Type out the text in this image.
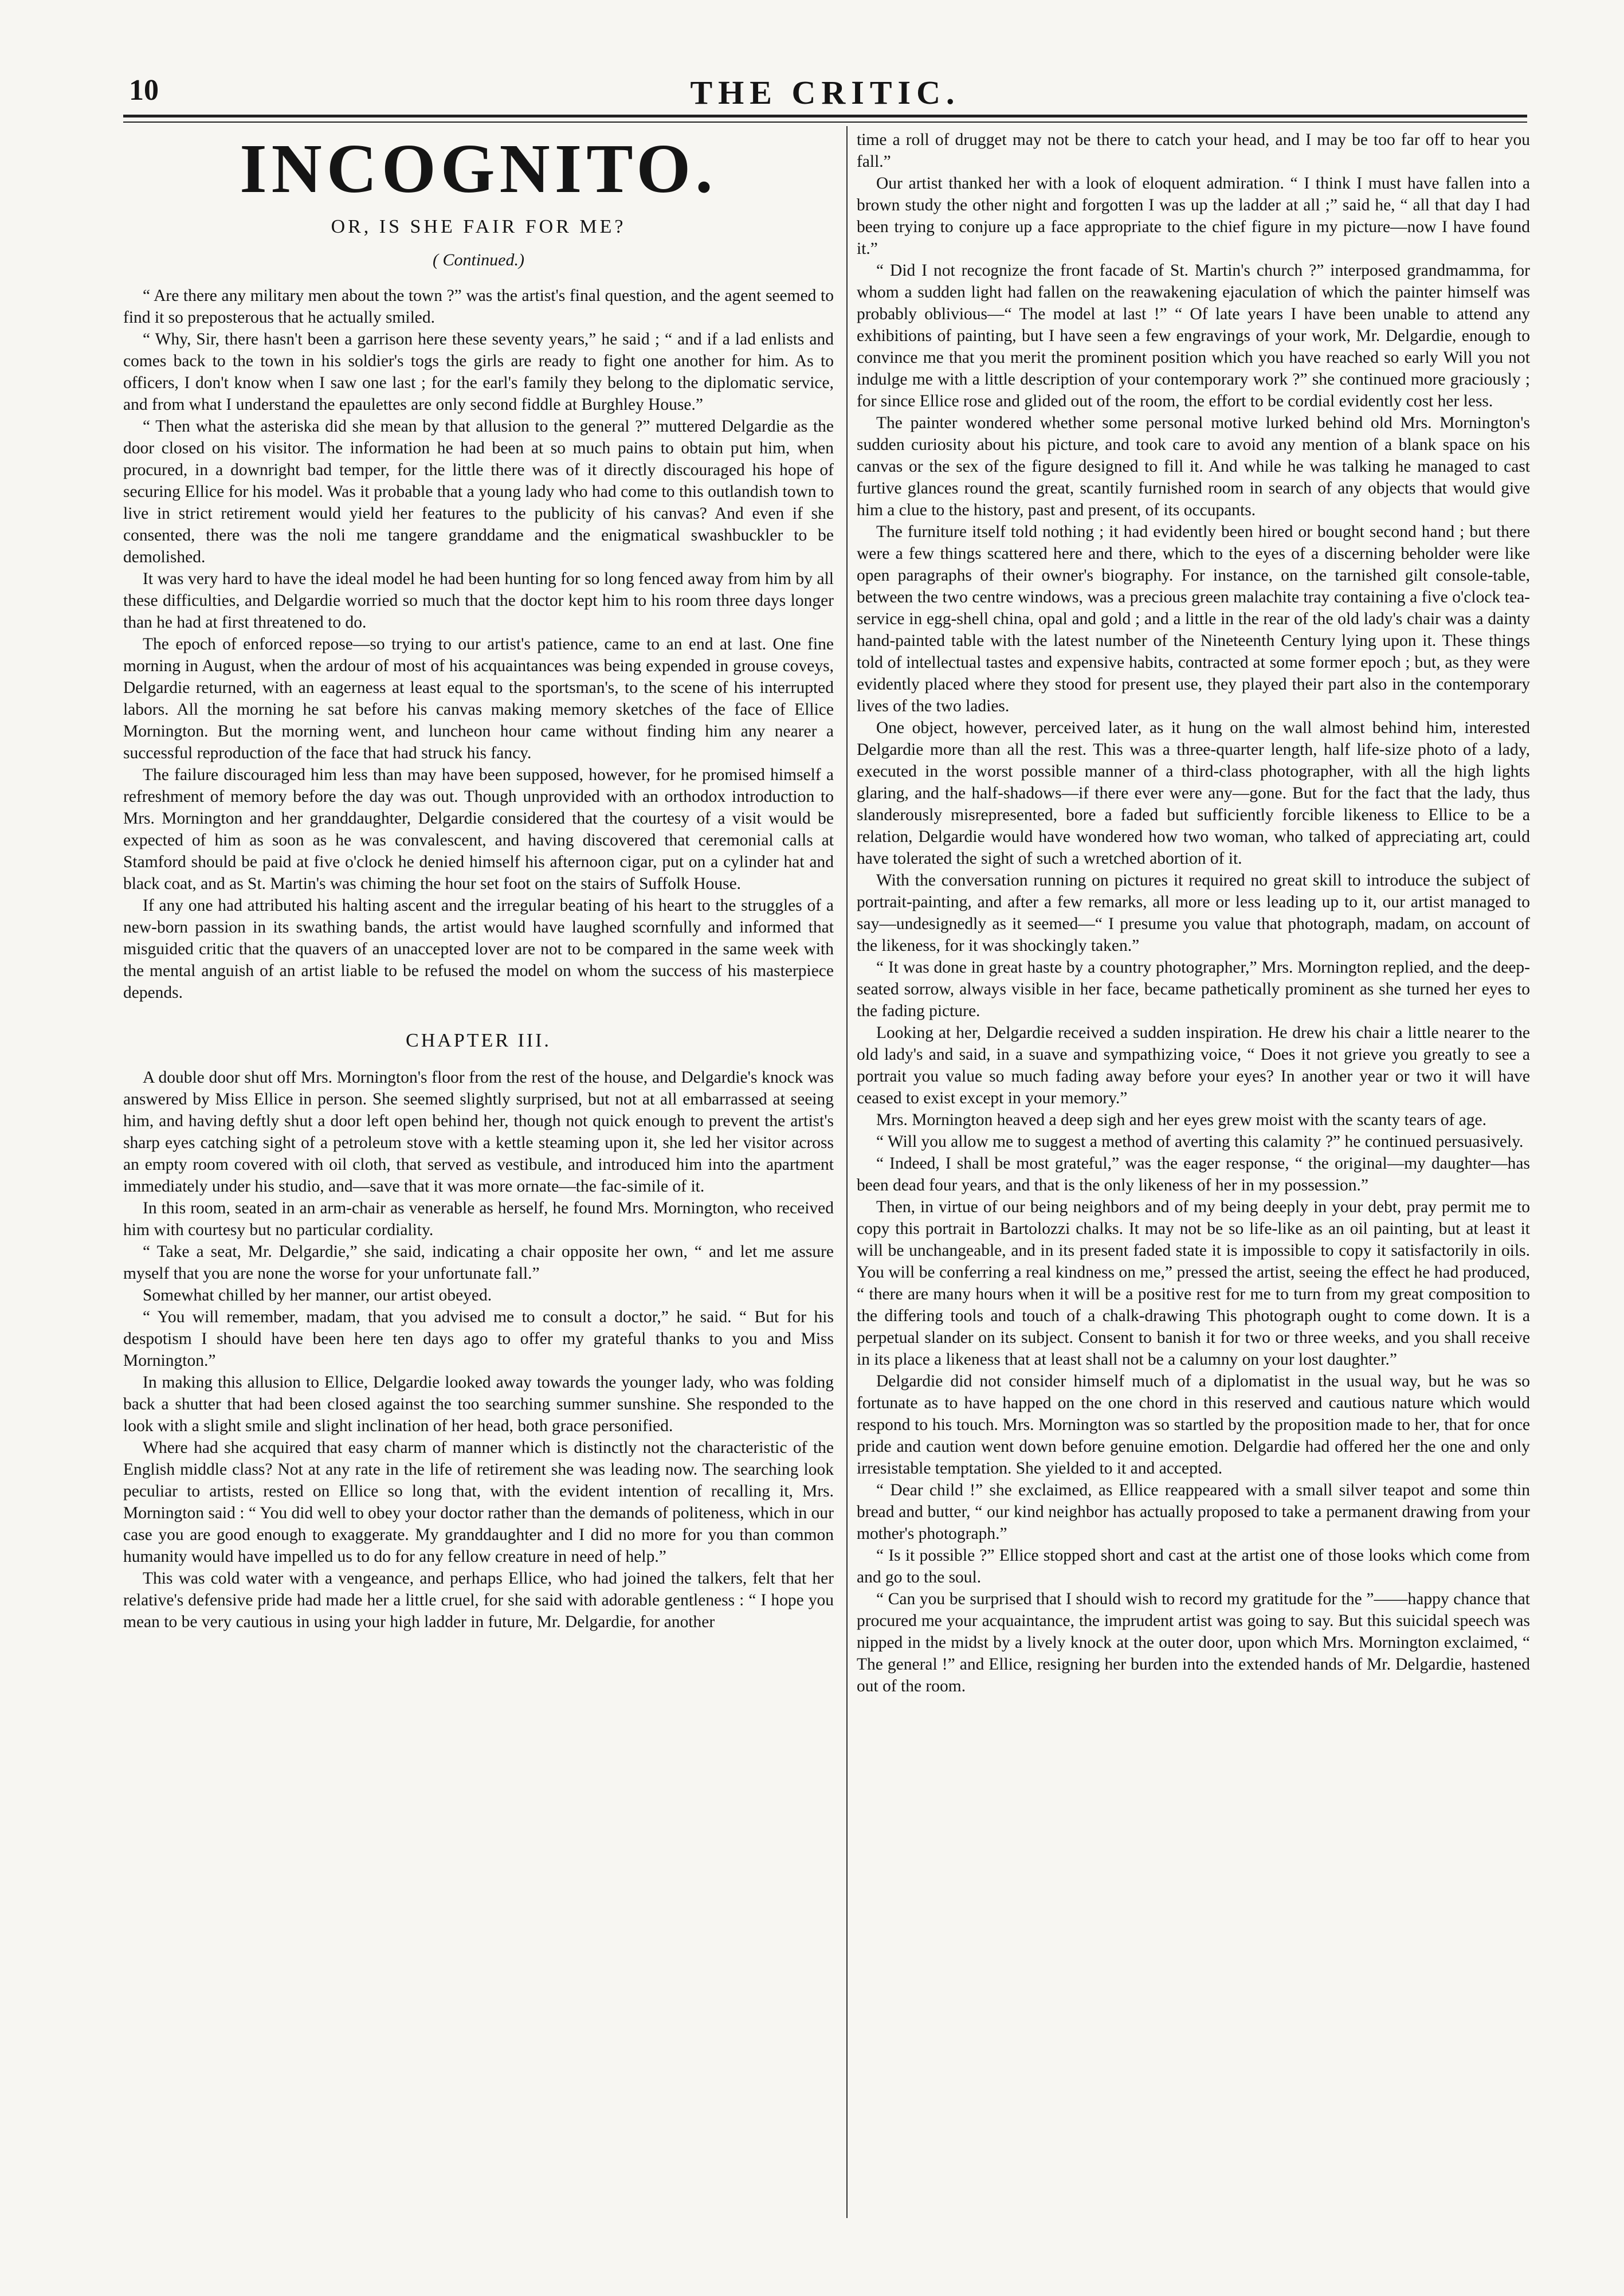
10	THE CRITIC.
INCOGNITO.
OR, IS SHE FAIR FOR ME?
( Continued.)

“ Are there any military men about the town ?” was the artist's final question, and the agent seemed to find it so preposterous that he actually smiled.

“ Why, Sir, there hasn't been a garrison here these seventy years,” he said ; “ and if a lad enlists and comes back to the town in his soldier's togs the girls are ready to fight one another for him. As to officers, I don't know when I saw one last ; for the earl's family they belong to the diplomatic service, and from what I understand the epaulettes are only second fiddle at Burghley House.”

“ Then what the asteriska did she mean by that allusion to the general ?” muttered Delgardie as the door closed on his visitor. The information he had been at so much pains to obtain put him, when procured, in a downright bad temper, for the little there was of it directly discouraged his hope of securing Ellice for his model. Was it probable that a young lady who had come to this outlandish town to live in strict retirement would yield her features to the publicity of his canvas? And even if she consented, there was the noli me tangere granddame and the enigmatical swashbuckler to be demolished.

It was very hard to have the ideal model he had been hunting for so long fenced away from him by all these difficulties, and Delgardie worried so much that the doctor kept him to his room three days longer than he had at first threatened to do.

The epoch of enforced repose—so trying to our artist's patience, came to an end at last. One fine morning in August, when the ardour of most of his acquaintances was being expended in grouse coveys, Delgardie returned, with an eagerness at least equal to the sportsman's, to the scene of his interrupted labors. All the morning he sat before his canvas making memory sketches of the face of Ellice Mornington. But the morning went, and luncheon hour came without finding him any nearer a successful reproduction of the face that had struck his fancy.

The failure discouraged him less than may have been supposed, however, for he promised himself a refreshment of memory before the day was out. Though unprovided with an orthodox introduction to Mrs. Mornington and her granddaughter, Delgardie considered that the courtesy of a visit would be expected of him as soon as he was convalescent, and having discovered that ceremonial calls at Stamford should be paid at five o'clock he denied himself his afternoon cigar, put on a cylinder hat and black coat, and as St. Martin's was chiming the hour set foot on the stairs of Suffolk House.

If any one had attributed his halting ascent and the irregular beating of his heart to the struggles of a new-born passion in its swathing bands, the artist would have laughed scornfully and informed that misguided critic that the quavers of an unaccepted lover are not to be compared in the same week with the mental anguish of an artist liable to be refused the model on whom the success of his masterpiece depends.

CHAPTER III.

A double door shut off Mrs. Mornington's floor from the rest of the house, and Delgardie's knock was answered by Miss Ellice in person. She seemed slightly surprised, but not at all embarrassed at seeing him, and having deftly shut a door left open behind her, though not quick enough to prevent the artist's sharp eyes catching sight of a petroleum stove with a kettle steaming upon it, she led her visitor across an empty room covered with oil cloth, that served as vestibule, and introduced him into the apartment immediately under his studio, and—save that it was more ornate—the fac-simile of it.

In this room, seated in an arm-chair as venerable as herself, he found Mrs. Mornington, who received him with courtesy but no particular cordiality.

“ Take a seat, Mr. Delgardie,” she said, indicating a chair opposite her own, “ and let me assure myself that you are none the worse for your unfortunate fall.”

Somewhat chilled by her manner, our artist obeyed.

“ You will remember, madam, that you advised me to consult a doctor,” he said. “ But for his despotism I should have been here ten days ago to offer my grateful thanks to you and Miss Mornington.”

In making this allusion to Ellice, Delgardie looked away towards the younger lady, who was folding back a shutter that had been closed against the too searching summer sunshine. She responded to the look with a slight smile and slight inclination of her head, both grace personified.

Where had she acquired that easy charm of manner which is distinctly not the characteristic of the English middle class? Not at any rate in the life of retirement she was leading now. The searching look peculiar to artists, rested on Ellice so long that, with the evident intention of recalling it, Mrs. Mornington said : “ You did well to obey your doctor rather than the demands of politeness, which in our case you are good enough to exaggerate. My granddaughter and I did no more for you than common humanity would have impelled us to do for any fellow creature in need of help.”

This was cold water with a vengeance, and perhaps Ellice, who had joined the talkers, felt that her relative's defensive pride had made her a little cruel, for she said with adorable gentleness : “ I hope you mean to be very cautious in using your high ladder in future, Mr. Delgardie, for another

time a roll of drugget may not be there to catch your head, and I may be too far off to hear you fall.”

Our artist thanked her with a look of eloquent admiration. “ I think I must have fallen into a brown study the other night and forgotten I was up the ladder at all ;” said he, “ all that day I had been trying to conjure up a face appropriate to the chief figure in my picture—now I have found it.”

“ Did I not recognize the front facade of St. Martin's church ?” interposed grandmamma, for whom a sudden light had fallen on the reawakening ejaculation of which the painter himself was probably oblivious—“ The model at last !” “ Of late years I have been unable to attend any exhibitions of painting, but I have seen a few engravings of your work, Mr. Delgardie, enough to convince me that you merit the prominent position which you have reached so early Will you not indulge me with a little description of your contemporary work ?” she continued more graciously ; for since Ellice rose and glided out of the room, the effort to be cordial evidently cost her less.

The painter wondered whether some personal motive lurked behind old Mrs. Mornington's sudden curiosity about his picture, and took care to avoid any mention of a blank space on his canvas or the sex of the figure designed to fill it. And while he was talking he managed to cast furtive glances round the great, scantily furnished room in search of any objects that would give him a clue to the history, past and present, of its occupants.

The furniture itself told nothing ; it had evidently been hired or bought second hand ; but there were a few things scattered here and there, which to the eyes of a discerning beholder were like open paragraphs of their owner's biography. For instance, on the tarnished gilt console-table, between the two centre windows, was a precious green malachite tray containing a five o'clock tea-service in egg-shell china, opal and gold ; and a little in the rear of the old lady's chair was a dainty hand-painted table with the latest number of the Nineteenth Century lying upon it. These things told of intellectual tastes and expensive habits, contracted at some former epoch ; but, as they were evidently placed where they stood for present use, they played their part also in the contemporary lives of the two ladies.

One object, however, perceived later, as it hung on the wall almost behind him, interested Delgardie more than all the rest. This was a three-quarter length, half life-size photo of a lady, executed in the worst possible manner of a third-class photographer, with all the high lights glaring, and the half-shadows—if there ever were any—gone. But for the fact that the lady, thus slanderously misrepresented, bore a faded but sufficiently forcible likeness to Ellice to be a relation, Delgardie would have wondered how two woman, who talked of appreciating art, could have tolerated the sight of such a wretched abortion of it.

With the conversation running on pictures it required no great skill to introduce the subject of portrait-painting, and after a few remarks, all more or less leading up to it, our artist managed to say—undesignedly as it seemed—“ I presume you value that photograph, madam, on account of the likeness, for it was shockingly taken.”

“ It was done in great haste by a country photographer,” Mrs. Mornington replied, and the deep-seated sorrow, always visible in her face, became pathetically prominent as she turned her eyes to the fading picture.

Looking at her, Delgardie received a sudden inspiration. He drew his chair a little nearer to the old lady's and said, in a suave and sympathizing voice, “ Does it not grieve you greatly to see a portrait you value so much fading away before your eyes? In another year or two it will have ceased to exist except in your memory.”

Mrs. Mornington heaved a deep sigh and her eyes grew moist with the scanty tears of age.

“ Will you allow me to suggest a method of averting this calamity ?” he continued persuasively.

“ Indeed, I shall be most grateful,” was the eager response, “ the original—my daughter—has been dead four years, and that is the only likeness of her in my possession.”

Then, in virtue of our being neighbors and of my being deeply in your debt, pray permit me to copy this portrait in Bartolozzi chalks. It may not be so life-like as an oil painting, but at least it will be unchangeable, and in its present faded state it is impossible to copy it satisfactorily in oils. You will be conferring a real kindness on me,” pressed the artist, seeing the effect he had produced, “ there are many hours when it will be a positive rest for me to turn from my great composition to the differing tools and touch of a chalk-drawing This photograph ought to come down. It is a perpetual slander on its subject. Consent to banish it for two or three weeks, and you shall receive in its place a likeness that at least shall not be a calumny on your lost daughter.”

Delgardie did not consider himself much of a diplomatist in the usual way, but he was so fortunate as to have happed on the one chord in this reserved and cautious nature which would respond to his touch. Mrs. Mornington was so startled by the proposition made to her, that for once pride and caution went down before genuine emotion. Delgardie had offered her the one and only irresistable temptation. She yielded to it and accepted.

“ Dear child !” she exclaimed, as Ellice reappeared with a small silver teapot and some thin bread and butter, “ our kind neighbor has actually proposed to take a permanent drawing from your mother's photograph.”

“ Is it possible ?” Ellice stopped short and cast at the artist one of those looks which come from and go to the soul.

“ Can you be surprised that I should wish to record my gratitude for the ”——happy chance that procured me your acquaintance, the imprudent artist was going to say. But this suicidal speech was nipped in the midst by a lively knock at the outer door, upon which Mrs. Mornington exclaimed, “ The general !” and Ellice, resigning her burden into the extended hands of Mr. Delgardie, hastened out of the room.
